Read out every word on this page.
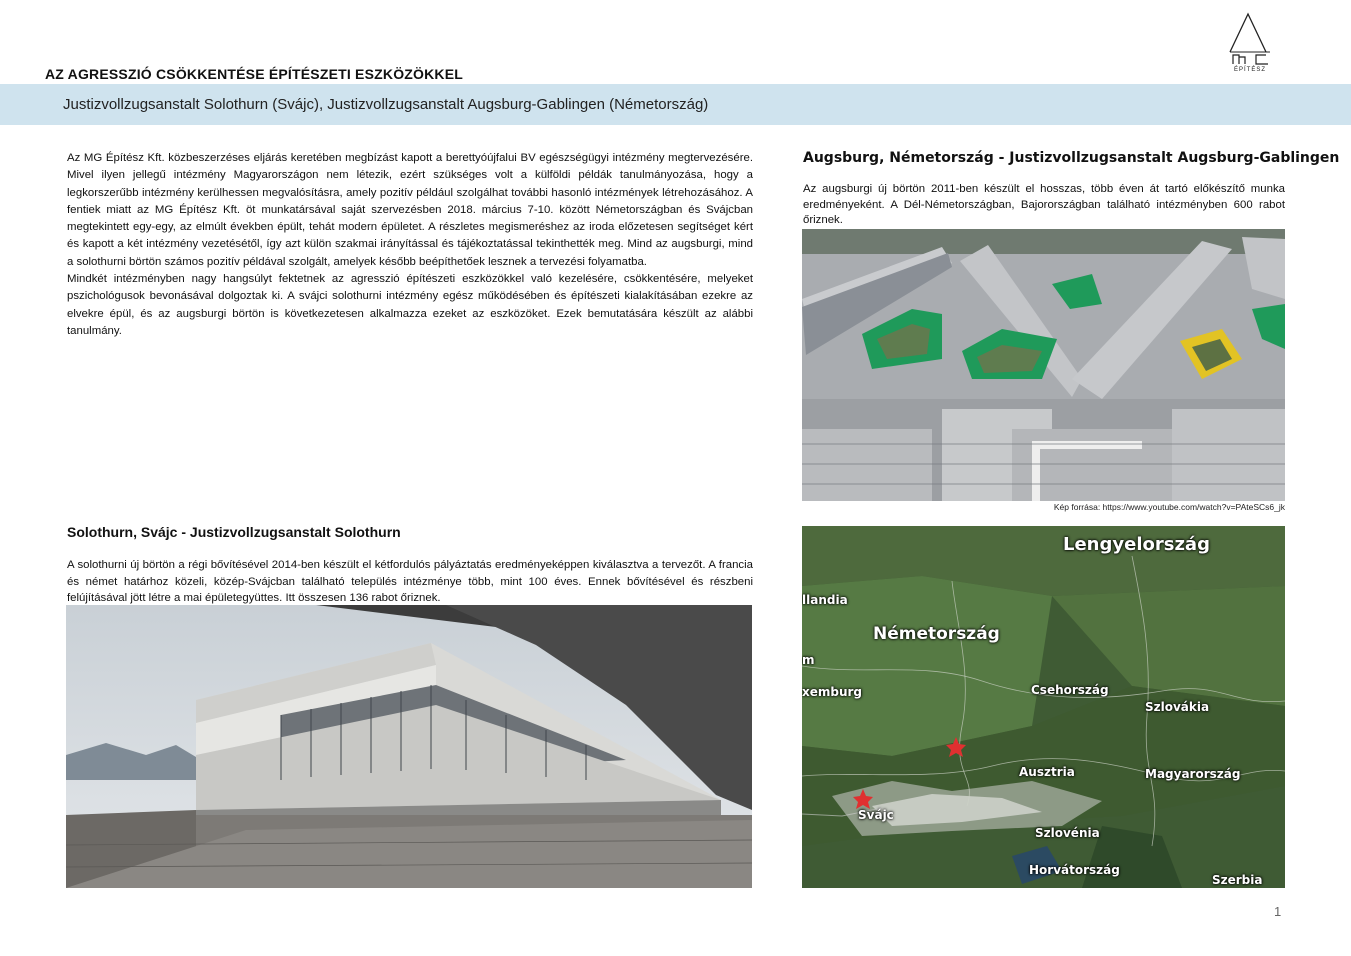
AZ AGRESSZIÓ CSÖKKENTÉSE ÉPÍTÉSZETI ESZKÖZÖKKEL
Justizvollzugsanstalt Solothurn (Svájc), Justizvollzugsanstalt Augsburg-Gablingen (Németország)
ÉPÍTÉSZ

Az MG Építész Kft. közbeszerzéses eljárás keretében megbízást kapott a berettyóújfalui BV egészségügyi intézmény megtervezésére. Mivel ilyen jellegű intézmény Magyarországon nem létezik, ezért szükséges volt a külföldi példák tanulmányozása, hogy a legkorszerűbb intézmény kerülhessen megvalósításra, amely pozitív például szolgálhat további hasonló intézmények létrehozásához. A fentiek miatt az MG Építész Kft. öt munkatársával saját szervezésben 2018. március 7-10. között Németországban és Svájcban megtekintett egy-egy, az elmúlt években épült, tehát modern épületet. A részletes megismeréshez az iroda előzetesen segítséget kért és kapott a két intézmény vezetésétől, így azt külön szakmai irányítással és tájékoztatással tekinthették meg. Mind az augsburgi, mind a solothurni börtön számos pozitív példával szolgált, amelyek később beépíthetőek lesznek a tervezési folyamatba.

Mindkét intézményben nagy hangsúlyt fektetnek az agresszió építészeti eszközökkel való kezelésére, csökkentésére, melyeket pszichológusok bevonásával dolgoztak ki. A svájci solothurni intézmény egész működésében és építészeti kialakításában ezekre az elvekre épül, és az augsburgi börtön is következetesen alkalmazza ezeket az eszközöket. Ezek bemutatására készült az alábbi tanulmány.

Augsburg, Németország - Justizvollzugsanstalt Augsburg-Gablingen

Az augsburgi új börtön 2011-ben készült el hosszas, több éven át tartó előkészítő munka eredményeként. A Dél-Németországban, Bajorországban található intézményben 600 rabot őriznek.

Kép forrása: https://www.youtube.com/watch?v=PAteSCs6_jk
Solothurn, Svájc - Justizvollzugsanstalt Solothurn

A solothurni új börtön a régi bővítésével 2014-ben készült el kétfordulós pályáztatás eredményeképpen kiválasztva a tervezőt. A francia és német határhoz közeli, közép-Svájcban található település intézménye több, mint 100 éves. Ennek bővítésével és részbeni felújításával jött létre a mai épületegyüttes. Itt összesen 136 rabot őriznek.

Lengyelország
llandia
Németország
m
xemburg	Csehország
Szlovákia
Ausztria	Magyarország
Svájc
Szlovénia
Horvátország
Szerbia
1
